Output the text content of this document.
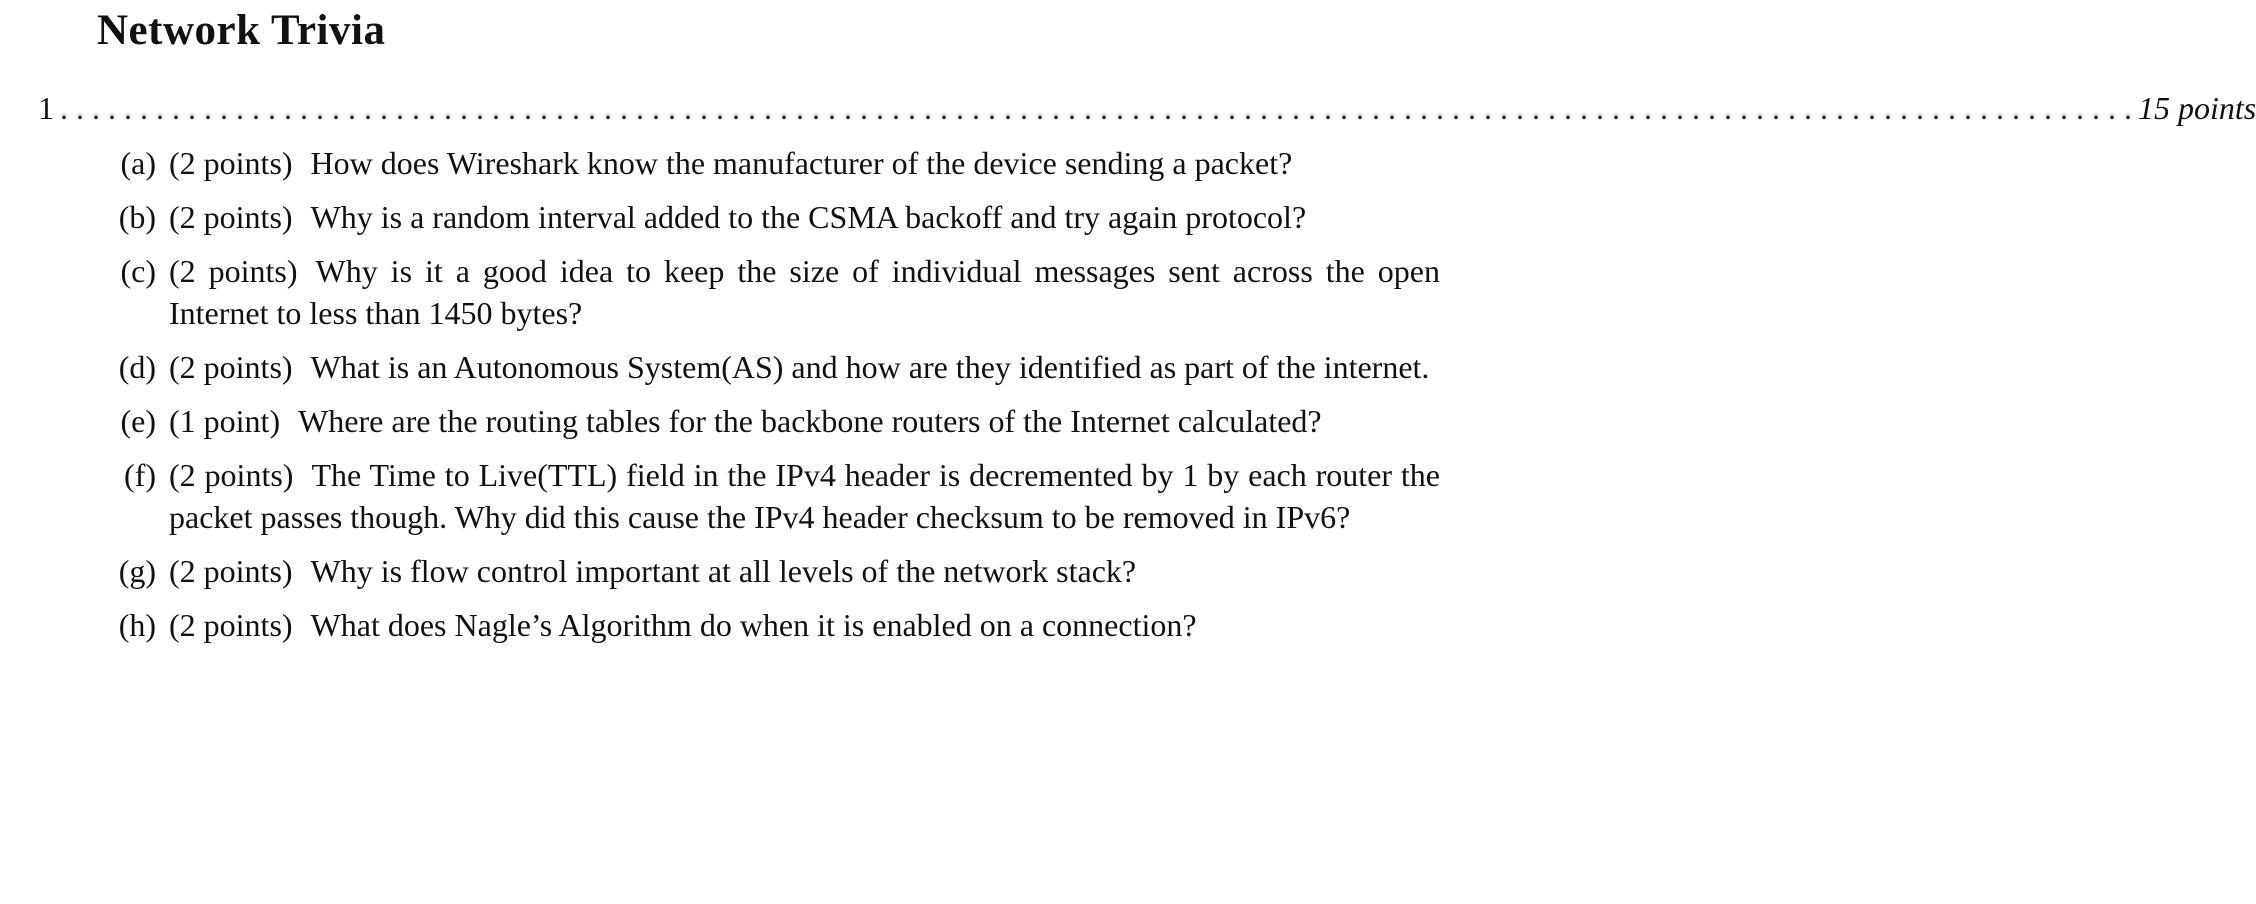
Network Trivia
1 . . . . . . . . . . . . . . . . . . . . . . . . . . . . . . . . . . . . . . . . . . . . . . . . . . . . . . . . . . . . . . . . . . . . . . . . . . . . . . . . . . . . . . . . . . . . . . . . . . . . . . . . . . . . . . . . . . . . . . . . . . . . . . . . . . 15 points
(a) (2 points) How does Wireshark know the manufacturer of the device sending a packet?
(b) (2 points) Why is a random interval added to the CSMA backoff and try again protocol?
(c) (2 points) Why is it a good idea to keep the size of individual messages sent across the open Internet to less than 1450 bytes?
(d) (2 points) What is an Autonomous System(AS) and how are they identified as part of the internet.
(e) (1 point) Where are the routing tables for the backbone routers of the Internet calculated?
(f) (2 points) The Time to Live(TTL) field in the IPv4 header is decremented by 1 by each router the packet passes though. Why did this cause the IPv4 header checksum to be removed in IPv6?
(g) (2 points) Why is flow control important at all levels of the network stack?
(h) (2 points) What does Nagle’s Algorithm do when it is enabled on a connection?
